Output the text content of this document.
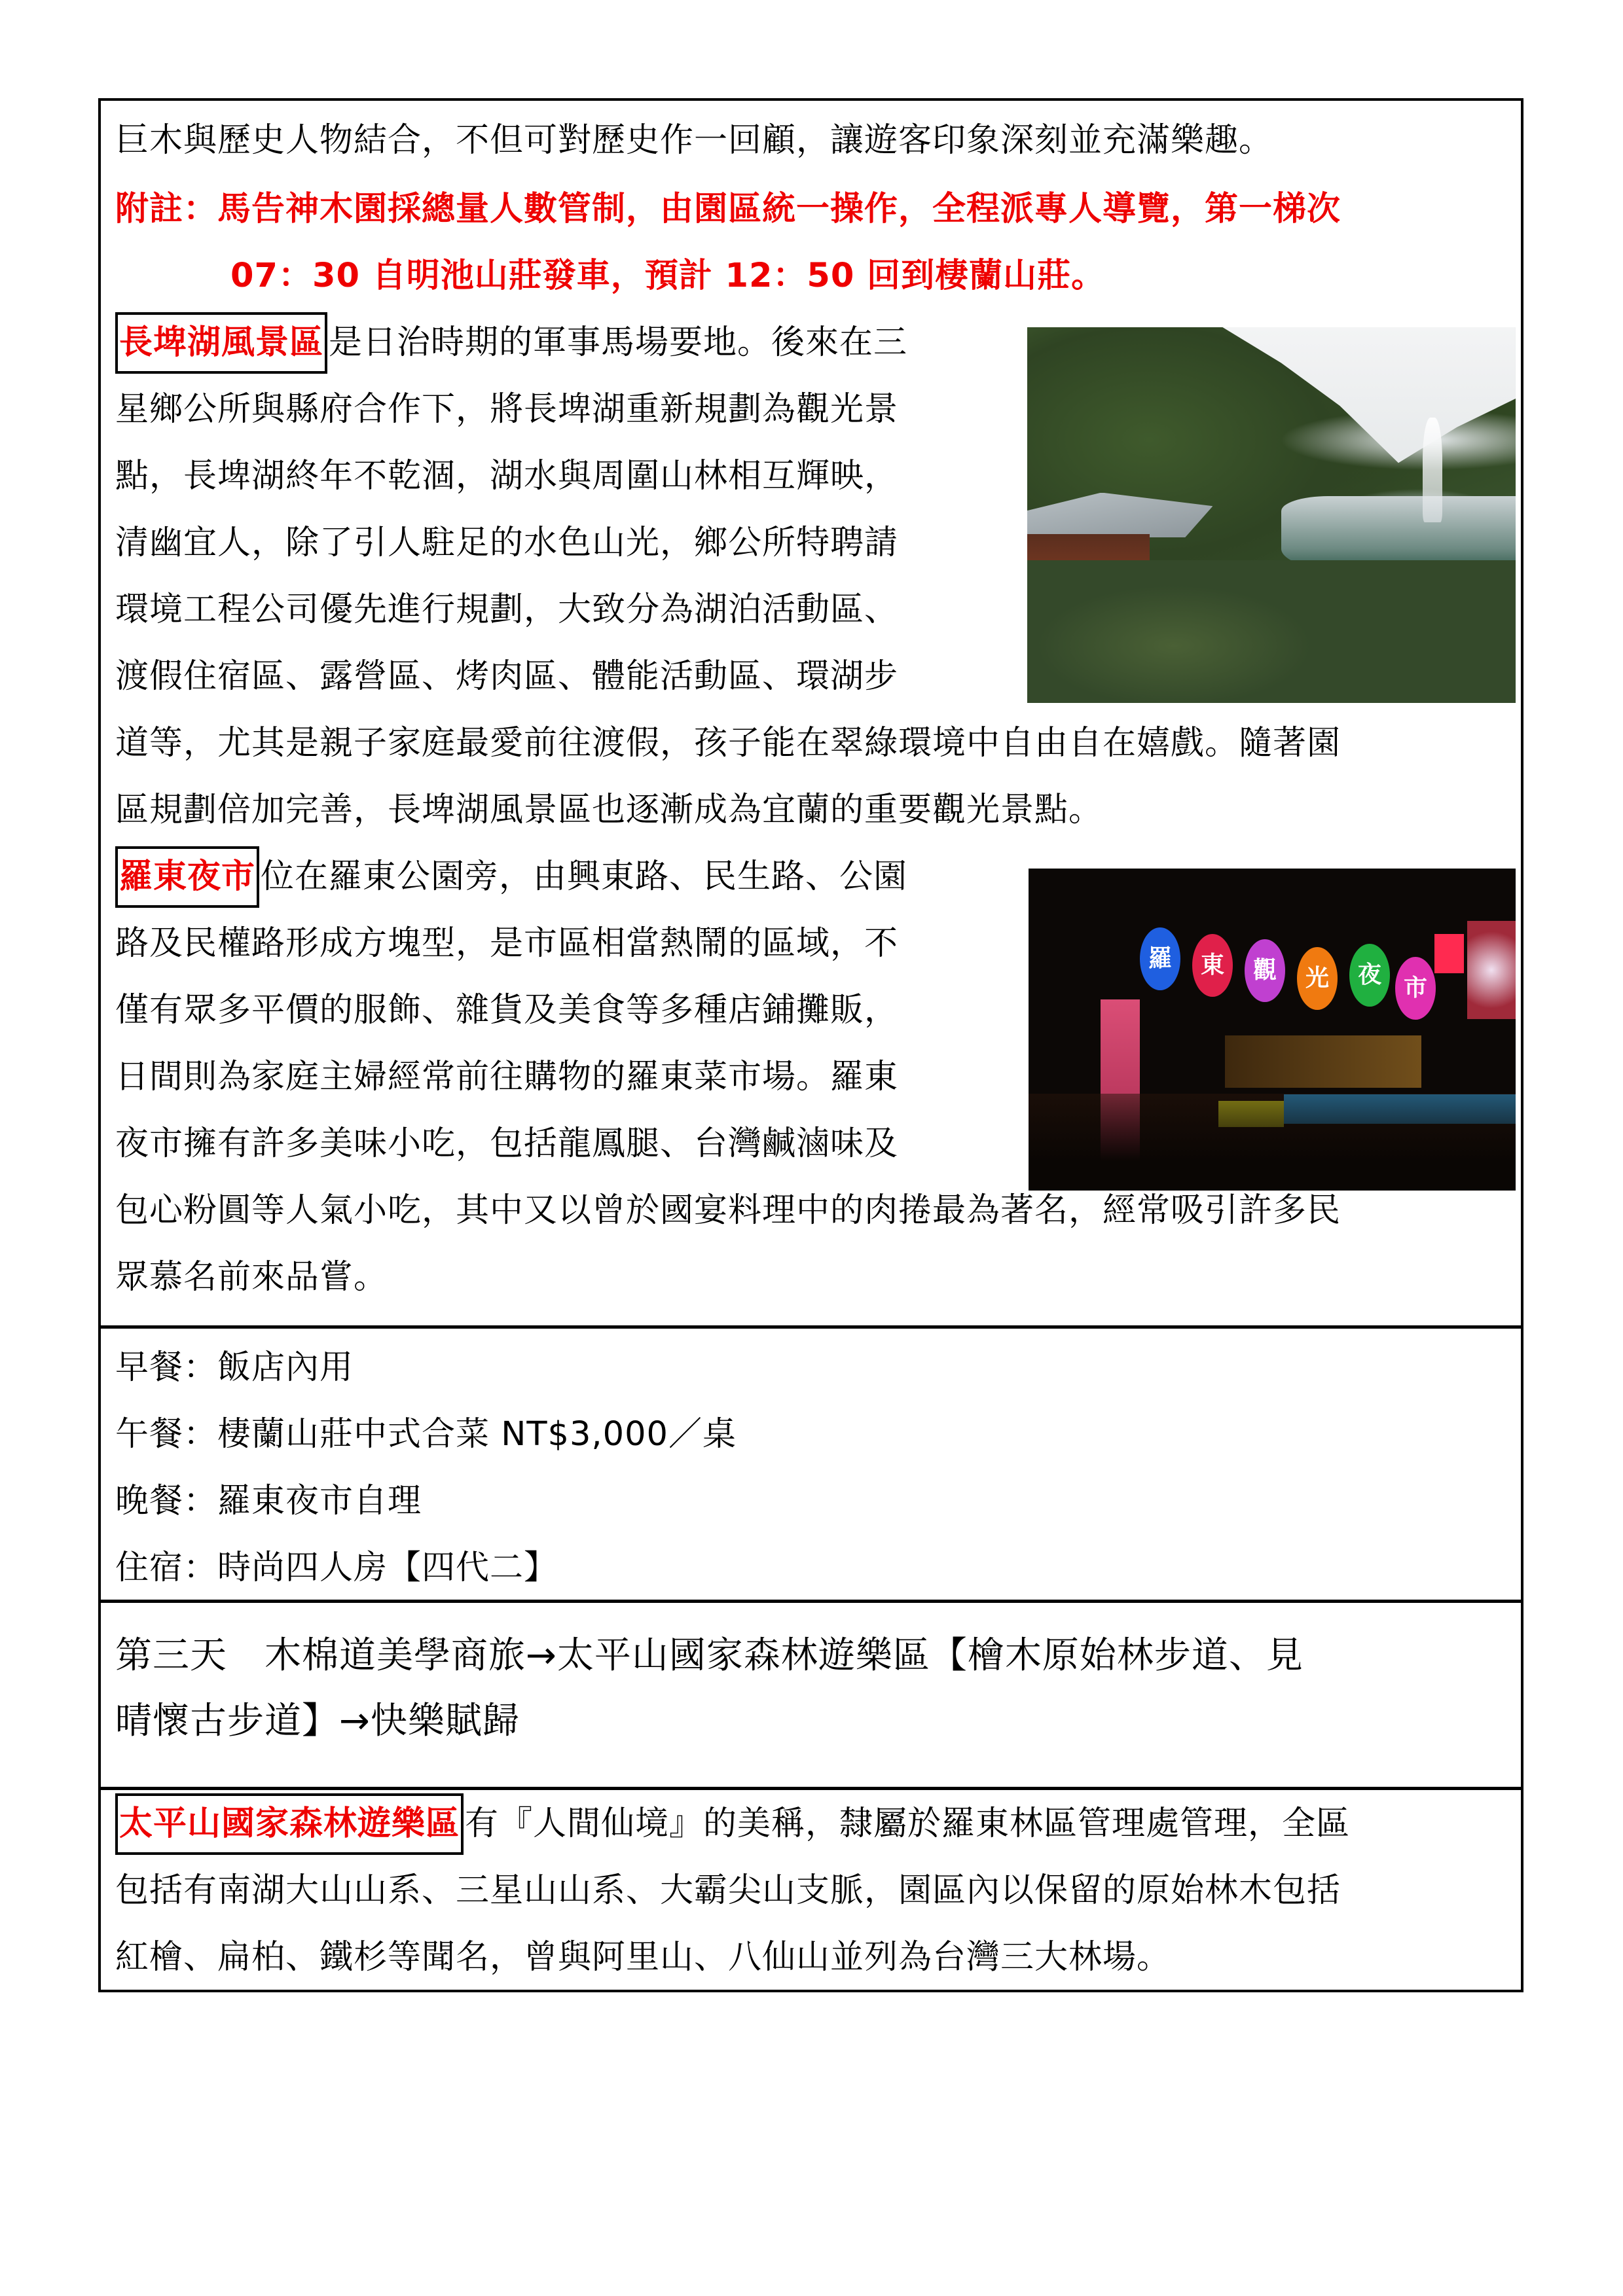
巨木與歷史人物結合，不但可對歷史作一回顧，讓遊客印象深刻並充滿樂趣。
附註：馬告神木園採總量人數管制，由園區統一操作，全程派專人導覽，第一梯次
07：30 自明池山莊發車，預計 12：50 回到棲蘭山莊。
長埤湖風景區 是日治時期的軍事馬場要地。後來在三
星鄉公所與縣府合作下，將長埤湖重新規劃為觀光景
點，長埤湖終年不乾涸，湖水與周圍山林相互輝映，
清幽宜人，除了引人駐足的水色山光，鄉公所特聘請
環境工程公司優先進行規劃，大致分為湖泊活動區、
渡假住宿區、露營區、烤肉區、體能活動區、環湖步
道等，尤其是親子家庭最愛前往渡假，孩子能在翠綠環境中自由自在嬉戲。隨著園
區規劃倍加完善，長埤湖風景區也逐漸成為宜蘭的重要觀光景點。
羅東夜市 位在羅東公園旁，由興東路、民生路、公園
路及民權路形成方塊型，是市區相當熱鬧的區域，不
僅有眾多平價的服飾、雜貨及美食等多種店鋪攤販，
日間則為家庭主婦經常前往購物的羅東菜市場。羅東
夜市擁有許多美味小吃，包括龍鳳腿、台灣鹹滷味及
包心粉圓等人氣小吃，其中又以曾於國宴料理中的肉捲最為著名，經常吸引許多民
眾慕名前來品嘗。
羅	東	觀	光	夜 市
早餐：飯店內用
午餐：棲蘭山莊中式合菜 NT$3,000／桌
晚餐：羅東夜市自理
住宿：時尚四人房【四代二】
第三天　木棉道美學商旅→太平山國家森林遊樂區【檜木原始林步道、見
晴懷古步道】→快樂賦歸
太平山國家森林遊樂區 有『人間仙境』的美稱，隸屬於羅東林區管理處管理，全區
包括有南湖大山山系、三星山山系、大霸尖山支脈，園區內以保留的原始林木包括
紅檜、扁柏、鐵杉等聞名，曾與阿里山、八仙山並列為台灣三大林場。
